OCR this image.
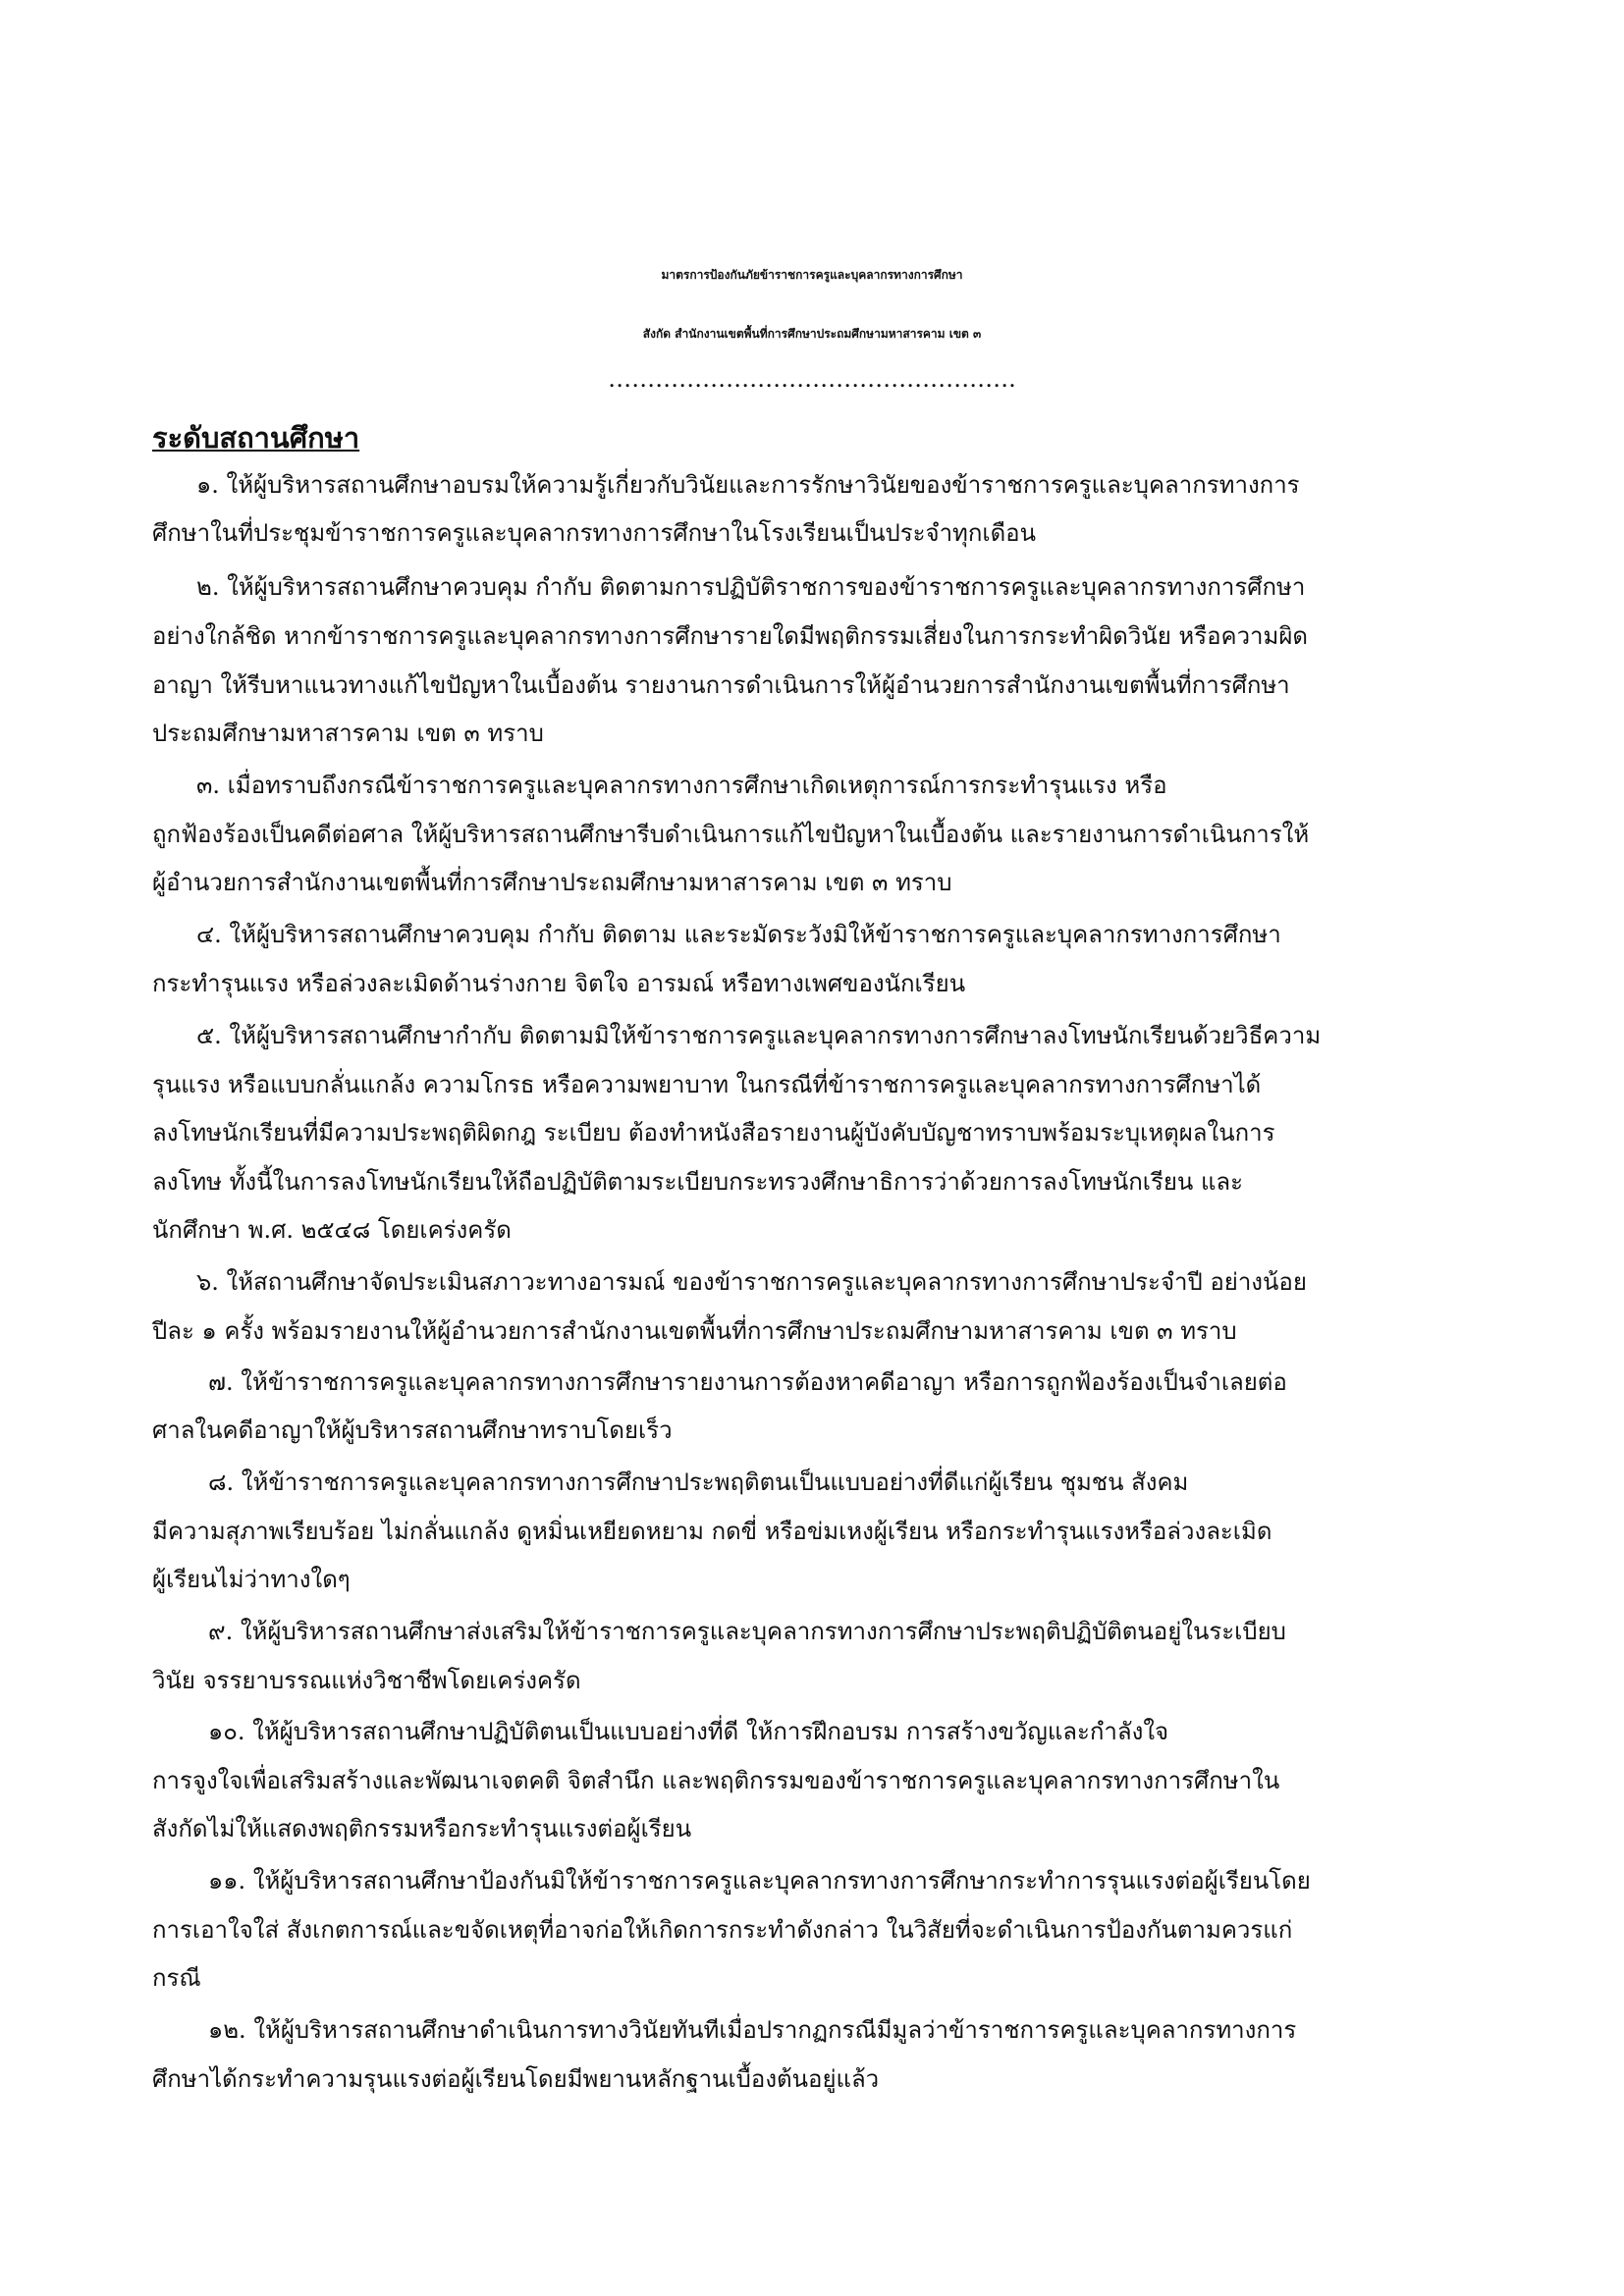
มาตรการป้องกันภัยข้าราชการครูและบุคลากรทางการศึกษา
สังกัด สำนักงานเขตพื้นที่การศึกษาประถมศึกษามหาสารคาม เขต ๓
…………………………………………….
ระดับสถานศึกษา
๑. ให้ผู้บริหารสถานศึกษาอบรมให้ความรู้เกี่ยวกับวินัยและการรักษาวินัยของข้าราชการครูและบุคลากรทางการ
ศึกษาในที่ประชุมข้าราชการครูและบุคลากรทางการศึกษาในโรงเรียนเป็นประจำทุกเดือน
๒. ให้ผู้บริหารสถานศึกษาควบคุม กำกับ ติดตามการปฏิบัติราชการของข้าราชการครูและบุคลากรทางการศึกษา
อย่างใกล้ชิด หากข้าราชการครูและบุคลากรทางการศึกษารายใดมีพฤติกรรมเสี่ยงในการกระทำผิดวินัย หรือความผิด
อาญา ให้รีบหาแนวทางแก้ไขปัญหาในเบื้องต้น รายงานการดำเนินการให้ผู้อำนวยการสำนักงานเขตพื้นที่การศึกษา
ประถมศึกษามหาสารคาม เขต ๓ ทราบ
๓. เมื่อทราบถึงกรณีข้าราชการครูและบุคลากรทางการศึกษาเกิดเหตุการณ์การกระทำรุนแรง หรือ
ถูกฟ้องร้องเป็นคดีต่อศาล ให้ผู้บริหารสถานศึกษารีบดำเนินการแก้ไขปัญหาในเบื้องต้น และรายงานการดำเนินการให้
ผู้อำนวยการสำนักงานเขตพื้นที่การศึกษาประถมศึกษามหาสารคาม เขต ๓ ทราบ
๔. ให้ผู้บริหารสถานศึกษาควบคุม กำกับ ติดตาม และระมัดระวังมิให้ข้าราชการครูและบุคลากรทางการศึกษา
กระทำรุนแรง หรือล่วงละเมิดด้านร่างกาย จิตใจ อารมณ์ หรือทางเพศของนักเรียน
๕. ให้ผู้บริหารสถานศึกษากำกับ ติดตามมิให้ข้าราชการครูและบุคลากรทางการศึกษาลงโทษนักเรียนด้วยวิธีความ
รุนแรง หรือแบบกลั่นแกล้ง ความโกรธ หรือความพยาบาท ในกรณีที่ข้าราชการครูและบุคลากรทางการศึกษาได้
ลงโทษนักเรียนที่มีความประพฤติผิดกฎ ระเบียบ ต้องทำหนังสือรายงานผู้บังคับบัญชาทราบพร้อมระบุเหตุผลในการ
ลงโทษ ทั้งนี้ในการลงโทษนักเรียนให้ถือปฏิบัติตามระเบียบกระทรวงศึกษาธิการว่าด้วยการลงโทษนักเรียน และ
นักศึกษา พ.ศ. ๒๕๔๘ โดยเคร่งครัด
๖. ให้สถานศึกษาจัดประเมินสภาวะทางอารมณ์ ของข้าราชการครูและบุคลากรทางการศึกษาประจำปี อย่างน้อย
ปีละ ๑ ครั้ง พร้อมรายงานให้ผู้อำนวยการสำนักงานเขตพื้นที่การศึกษาประถมศึกษามหาสารคาม เขต ๓ ทราบ
๗. ให้ข้าราชการครูและบุคลากรทางการศึกษารายงานการต้องหาคดีอาญา หรือการถูกฟ้องร้องเป็นจำเลยต่อ
ศาลในคดีอาญาให้ผู้บริหารสถานศึกษาทราบโดยเร็ว
๘. ให้ข้าราชการครูและบุคลากรทางการศึกษาประพฤติตนเป็นแบบอย่างที่ดีแก่ผู้เรียน ชุมชน สังคม
มีความสุภาพเรียบร้อย ไม่กลั่นแกล้ง ดูหมิ่นเหยียดหยาม กดขี่ หรือข่มเหงผู้เรียน หรือกระทำรุนแรงหรือล่วงละเมิด
ผู้เรียนไม่ว่าทางใดๆ
๙. ให้ผู้บริหารสถานศึกษาส่งเสริมให้ข้าราชการครูและบุคลากรทางการศึกษาประพฤติปฏิบัติตนอยู่ในระเบียบ
วินัย จรรยาบรรณแห่งวิชาชีพโดยเคร่งครัด
๑๐. ให้ผู้บริหารสถานศึกษาปฏิบัติตนเป็นแบบอย่างที่ดี ให้การฝึกอบรม การสร้างขวัญและกำลังใจ
การจูงใจเพื่อเสริมสร้างและพัฒนาเจตคติ จิตสำนึก และพฤติกรรมของข้าราชการครูและบุคลากรทางการศึกษาใน
สังกัดไม่ให้แสดงพฤติกรรมหรือกระทำรุนแรงต่อผู้เรียน
๑๑. ให้ผู้บริหารสถานศึกษาป้องกันมิให้ข้าราชการครูและบุคลากรทางการศึกษากระทำการรุนแรงต่อผู้เรียนโดย
การเอาใจใส่ สังเกตการณ์และขจัดเหตุที่อาจก่อให้เกิดการกระทำดังกล่าว ในวิสัยที่จะดำเนินการป้องกันตามควรแก่
กรณี
๑๒. ให้ผู้บริหารสถานศึกษาดำเนินการทางวินัยทันทีเมื่อปรากฏกรณีมีมูลว่าข้าราชการครูและบุคลากรทางการ
ศึกษาได้กระทำความรุนแรงต่อผู้เรียนโดยมีพยานหลักฐานเบื้องต้นอยู่แล้ว
